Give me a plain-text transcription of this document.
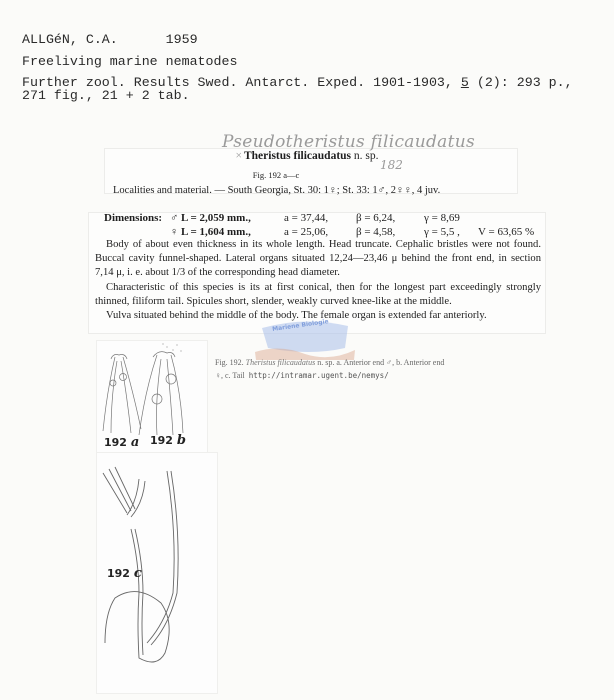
ALLGéN, C.A.	1959
Freeliving marine nematodes
Further zool. Results Swed. Antarct. Exped. 1901-1903, 5 (2): 293 p.,
271 fig., 21 + 2 tab.
Pseudotheristus filicaudatus
182
× Theristus filicaudatus n. sp.
Fig. 192 a—c
Localities and material. — South Georgia, St. 30: 1♀; St. 33: 1♂, 2♀♀, 4 juv.
Dimensions: ♂ L = 2,059 mm.,	a = 37,44,	β = 6,24,	γ = 8,69
♀ L = 1,604 mm.,	a = 25,06,	β = 4,58,	γ = 5,5 , V = 63,65 %

Body of about even thickness in its whole length. Head truncate. Cephalic bristles were not found. Buccal cavity funnel-shaped. Lateral organs situated 12,24—23,46 μ behind the front end, in section 7,14 μ, i. e. about 1/3 of the corresponding head diameter.

Characteristic of this species is its at first conical, then for the longest part exceedingly strongly thinned, filiform tail. Spicules short, slender, weakly curved knee-like at the middle.

Vulva situated behind the middle of the body. The female organ is extended far anteriorly.

Mariene Biologie
Fig. 192. Theristus filicaudatus n. sp. a. Anterior end ♂, b. Anterior end
♀, c. Tail http://intramar.ugent.be/nemys/
192 a 192 b
192 c
